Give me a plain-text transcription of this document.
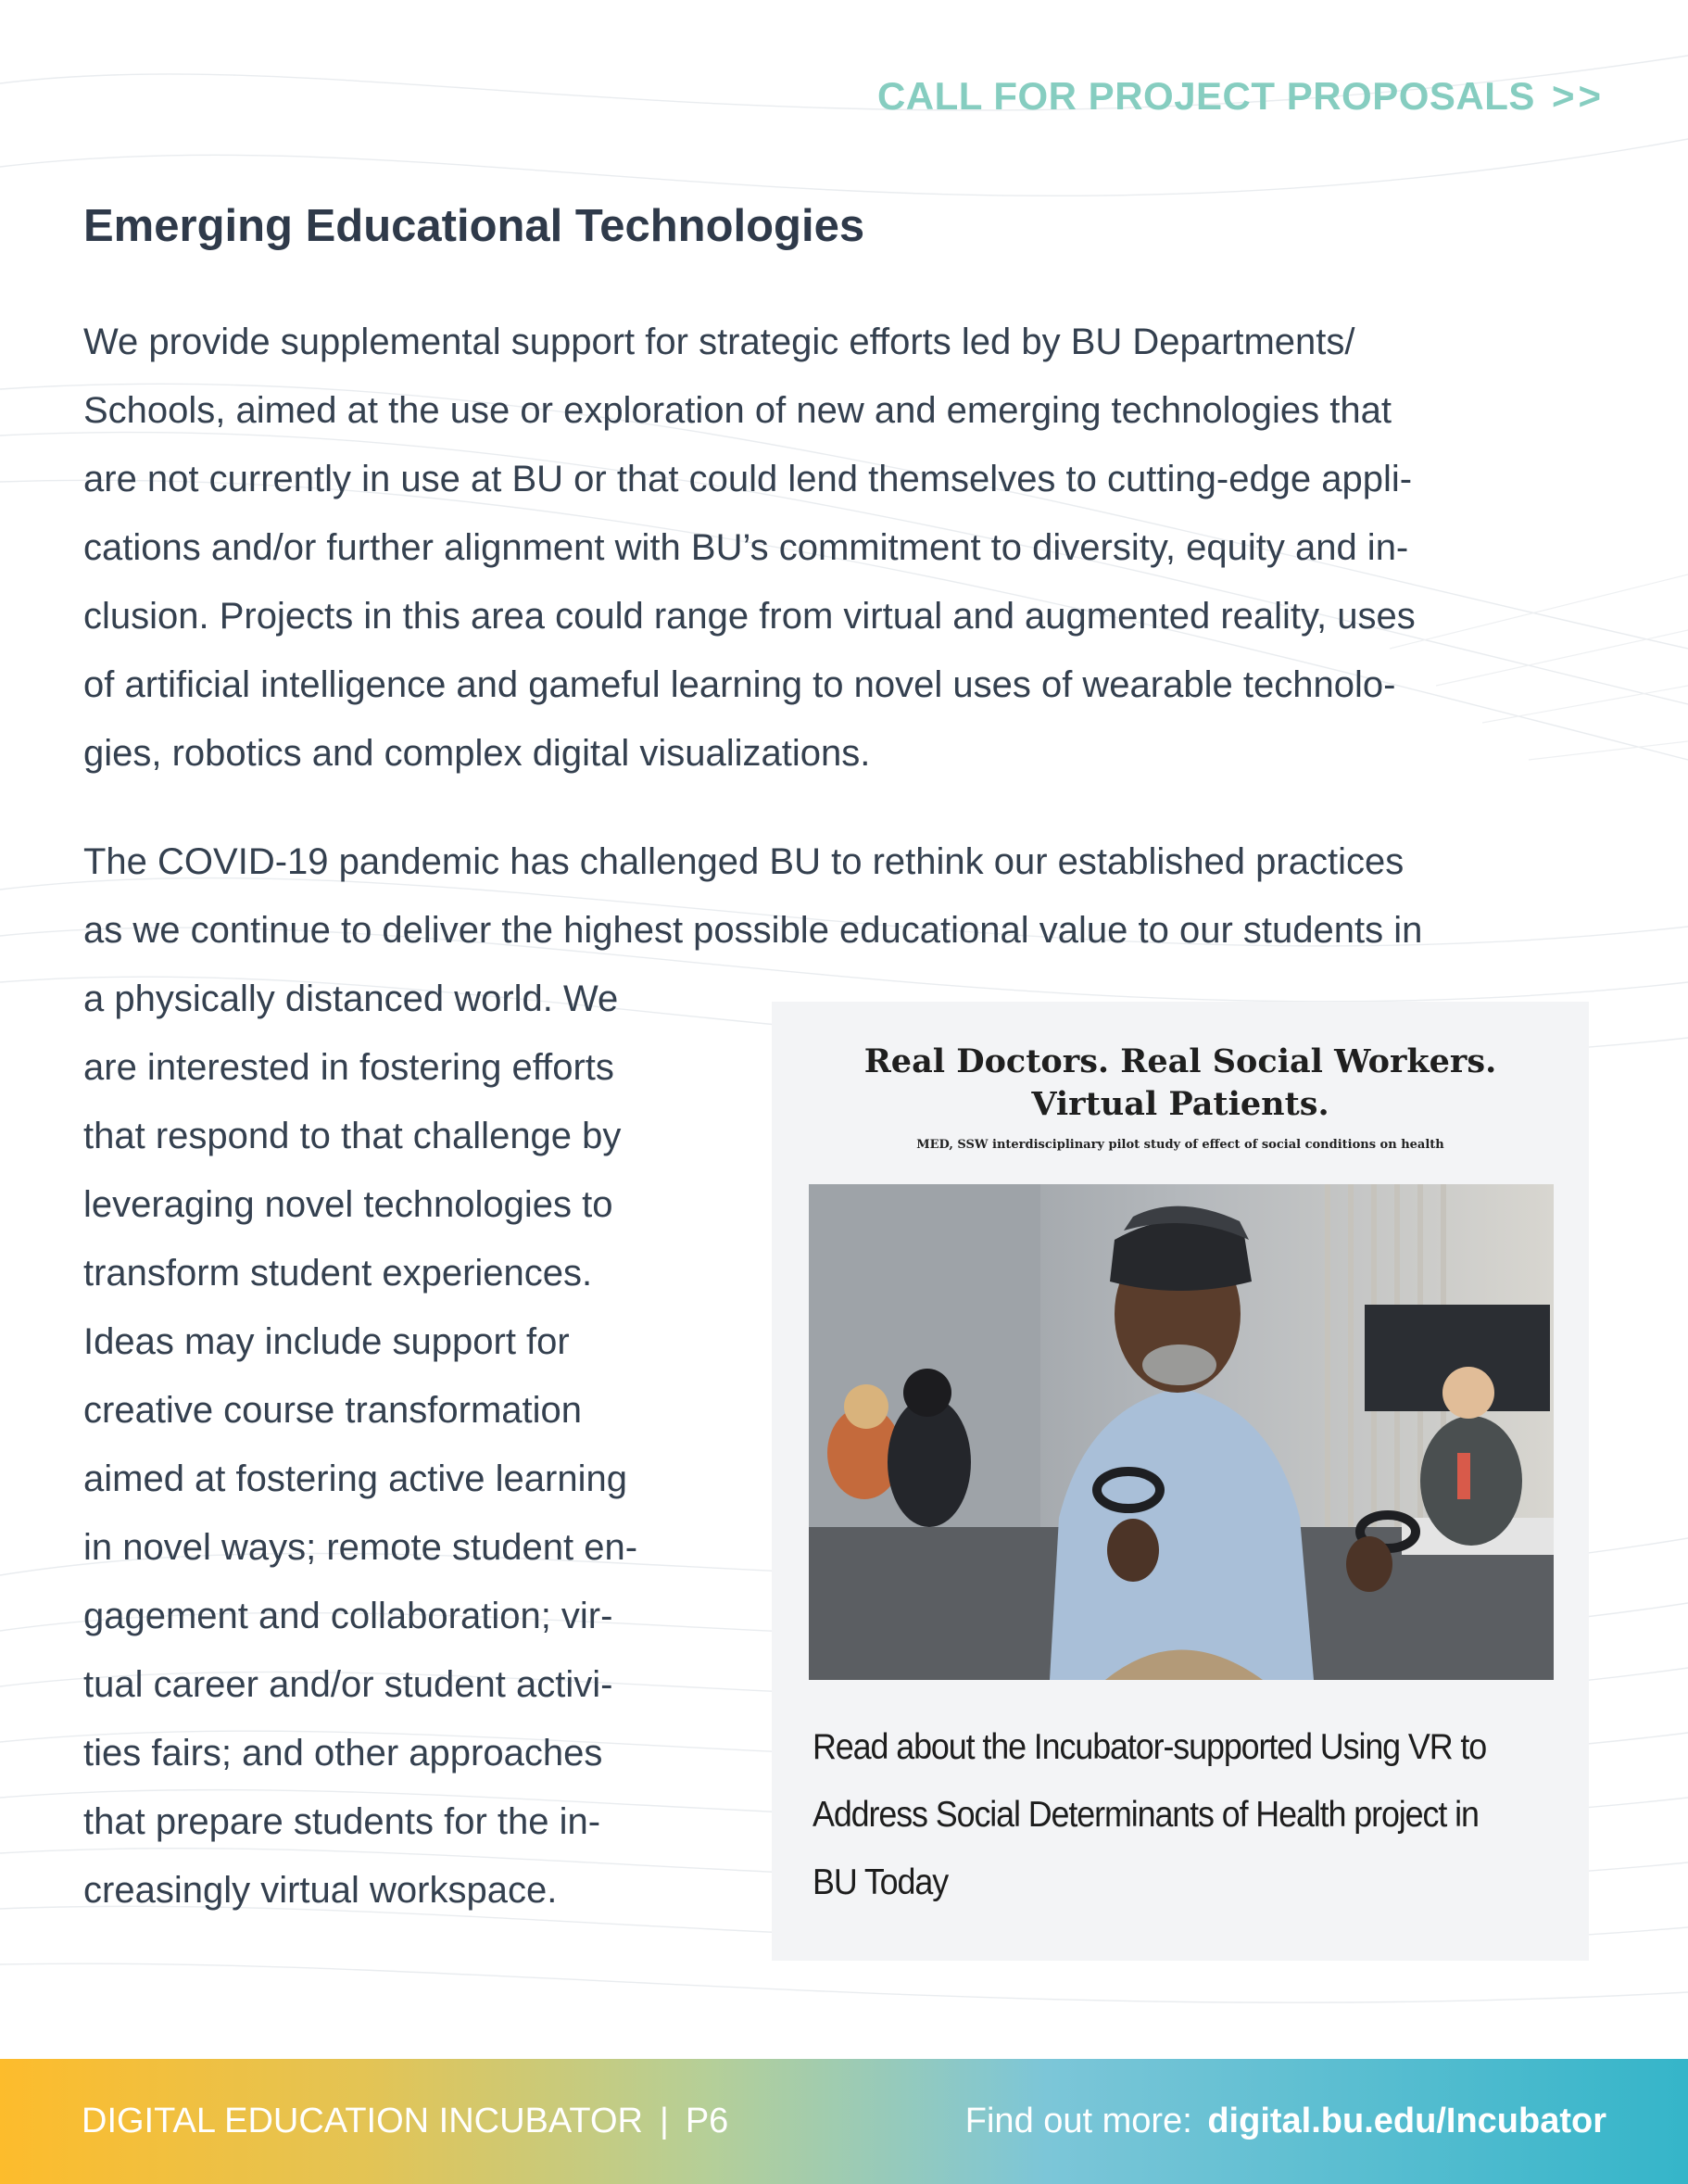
CALL FOR PROJECT PROPOSALS >>
Emerging Educational Technologies
We provide supplemental support for strategic efforts led by BU Departments/
Schools, aimed at the use or exploration of new and emerging technologies that
are not currently in use at BU or that could lend themselves to cutting-edge appli-
cations and/or further alignment with BU’s commitment to diversity, equity and in-
clusion. Projects in this area could range from virtual and augmented reality, uses
of artificial intelligence and gameful learning to novel uses of wearable technolo-
gies, robotics and complex digital visualizations.
The COVID-19 pandemic has challenged BU to rethink our established practices
as we continue to deliver the highest possible educational value to our students in
a physically distanced world. We
are interested in fostering efforts
that respond to that challenge by
leveraging novel technologies to
transform student experiences.
Ideas may include support for
creative course transformation
aimed at fostering active learning
in novel ways; remote student en-
gagement and collaboration; vir-
tual career and/or student activi-
ties fairs; and other approaches
that prepare students for the in-
creasingly virtual workspace.
Real Doctors. Real Social Workers.
Virtual Patients.
MED, SSW interdisciplinary pilot study of effect of social conditions on health
Read about the Incubator-supported Using VR to
Address Social Determinants of Health project in
BU Today
DIGITAL EDUCATION INCUBATOR | P6	Find out more: digital.bu.edu/Incubator
